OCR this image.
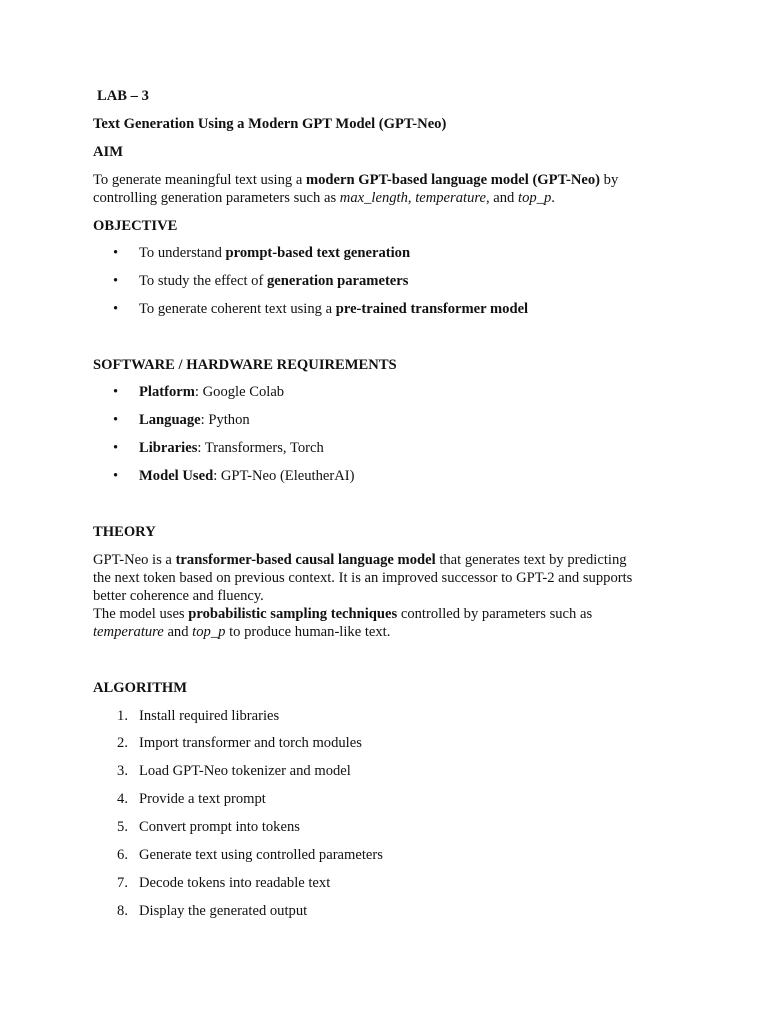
LAB – 3
Text Generation Using a Modern GPT Model (GPT-Neo)
AIM
To generate meaningful text using a modern GPT-based language model (GPT-Neo) by
controlling generation parameters such as max_length, temperature, and top_p.
OBJECTIVE
• To understand prompt-based text generation
• To study the effect of generation parameters
• To generate coherent text using a pre-trained transformer model
SOFTWARE / HARDWARE REQUIREMENTS
• Platform: Google Colab
• Language: Python
• Libraries: Transformers, Torch
• Model Used: GPT-Neo (EleutherAI)
THEORY
GPT-Neo is a transformer-based causal language model that generates text by predicting
the next token based on previous context. It is an improved successor to GPT-2 and supports
better coherence and fluency.
The model uses probabilistic sampling techniques controlled by parameters such as
temperature and top_p to produce human-like text.
ALGORITHM
1. Install required libraries
2. Import transformer and torch modules
3. Load GPT-Neo tokenizer and model
4. Provide a text prompt
5. Convert prompt into tokens
6. Generate text using controlled parameters
7. Decode tokens into readable text
8. Display the generated output
